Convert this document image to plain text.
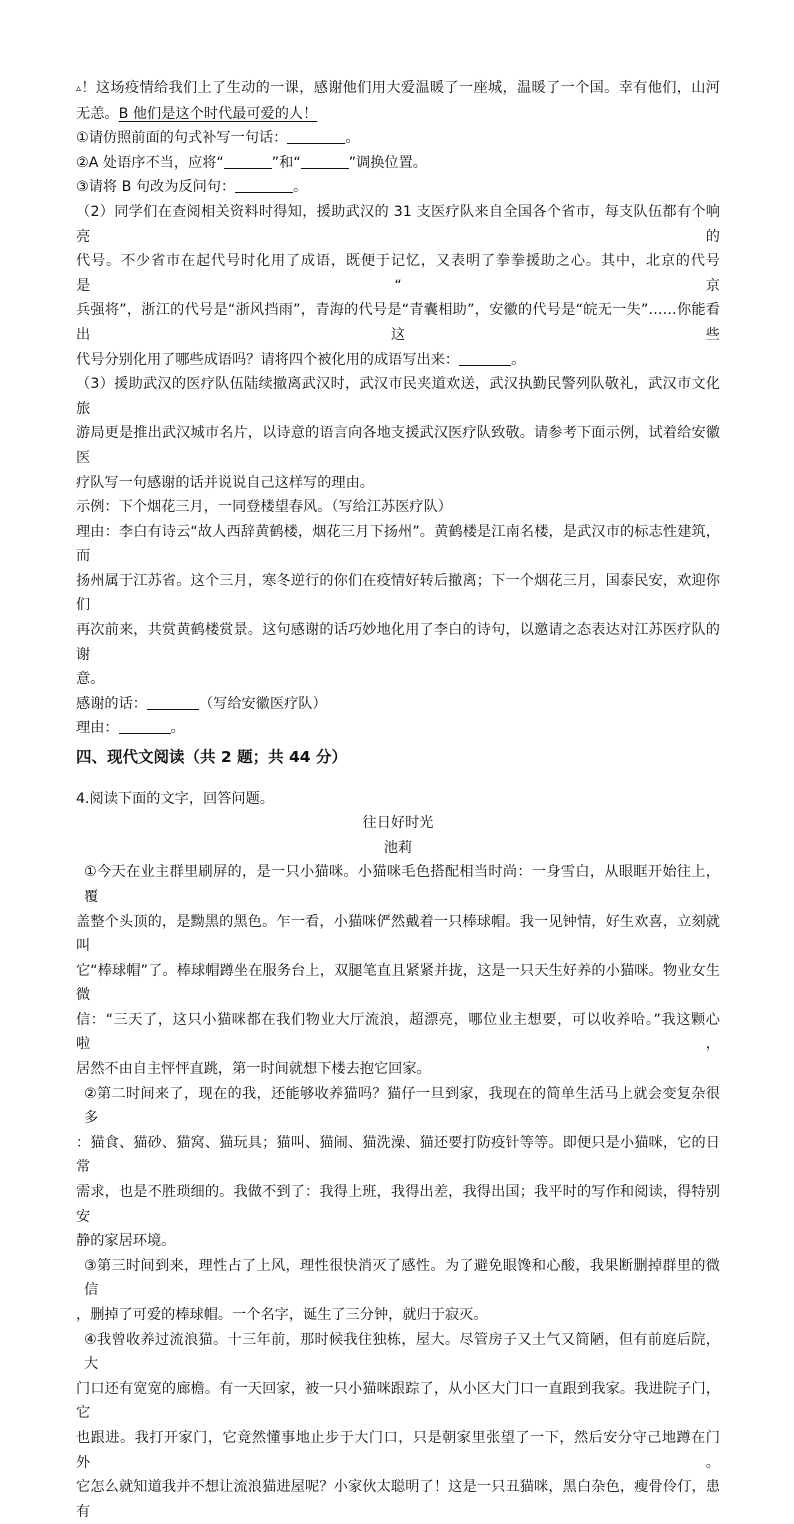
▵！这场疫情给我们上了生动的一课，感谢他们用大爱温暖了一座城，温暖了一个国。幸有他们，山河

无恙。B 他们是这个时代最可爱的人！

①请仿照前面的句式补写一句话：	。

②A 处语序不当，应将“	”和“	”调换位置。

③请将 B 句改为反问句：	。

（2）同学们在查阅相关资料时得知，援助武汉的 31 支医疗队来自全国各个省市，每支队伍都有个响亮的

代号。不少省市在起代号时化用了成语，既便于记忆，又表明了拳拳援助之心。其中，北京的代号是“京

兵强将”，浙江的代号是“浙风挡雨”，青海的代号是“青囊相助”，安徽的代号是“皖无一失”……你能看出这些

代号分别化用了哪些成语吗？请将四个被化用的成语写出来：	。

（3）援助武汉的医疗队伍陆续撤离武汉时，武汉市民夹道欢送，武汉执勤民警列队敬礼，武汉市文化旅

游局更是推出武汉城市名片，以诗意的语言向各地支援武汉医疗队致敬。请参考下面示例，试着给安徽医

疗队写一句感谢的话并说说自己这样写的理由。

示例：下个烟花三月，一同登楼望春风。（写给江苏医疗队）

理由：李白有诗云“故人西辞黄鹤楼，烟花三月下扬州”。黄鹤楼是江南名楼，是武汉市的标志性建筑，而

扬州属于江苏省。这个三月，寒冬逆行的你们在疫情好转后撤离；下一个烟花三月，国泰民安，欢迎你们

再次前来，共赏黄鹤楼赏景。这句感谢的话巧妙地化用了李白的诗句，以邀请之态表达对江苏医疗队的谢

意。

感谢的话：	（写给安徽医疗队）

理由：	。

四、现代文阅读（共 2 题；共 44 分）

4.阅读下面的文字，回答问题。

往日好时光

池莉

①今天在业主群里刷屏的，是一只小猫咪。小猫咪毛色搭配相当时尚：一身雪白，从眼眶开始往上，覆

盖整个头顶的，是黝黑的黑色。乍一看，小猫咪俨然戴着一只棒球帽。我一见钟情，好生欢喜，立刻就叫

它“棒球帽”了。棒球帽蹲坐在服务台上，双腿笔直且紧紧并拢，这是一只天生好养的小猫咪。物业女生微

信：“三天了，这只小猫咪都在我们物业大厅流浪，超漂亮，哪位业主想要，可以收养哈。”我这颗心啦，

居然不由自主怦怦直跳，第一时间就想下楼去抱它回家。

②第二时间来了，现在的我，还能够收养猫吗？猫仔一旦到家，我现在的简单生活马上就会变复杂很多

：猫食、猫砂、猫窝、猫玩具；猫叫、猫闹、猫洗澡、猫还要打防疫针等等。即便只是小猫咪，它的日常

需求，也是不胜琐细的。我做不到了：我得上班，我得出差，我得出国；我平时的写作和阅读，得特别安

静的家居环境。

③第三时间到来，理性占了上风，理性很快消灭了感性。为了避免眼馋和心酸，我果断删掉群里的微信

，删掉了可爱的棒球帽。一个名字，诞生了三分钟，就归于寂灭。

④我曾收养过流浪猫。十三年前，那时候我住独栋，屋大。尽管房子又土气又简陋，但有前庭后院，大

门口还有宽宽的廊檐。有一天回家，被一只小猫咪跟踪了，从小区大门口一直跟到我家。我进院子门，它

也跟进。我打开家门，它竟然懂事地止步于大门口，只是朝家里张望了一下，然后安分守己地蹲在门外。

它怎么就知道我并不想让流浪猫进屋呢？小家伙太聪明了！这是一只丑猫咪，黑白杂色，瘦骨伶仃，患有
